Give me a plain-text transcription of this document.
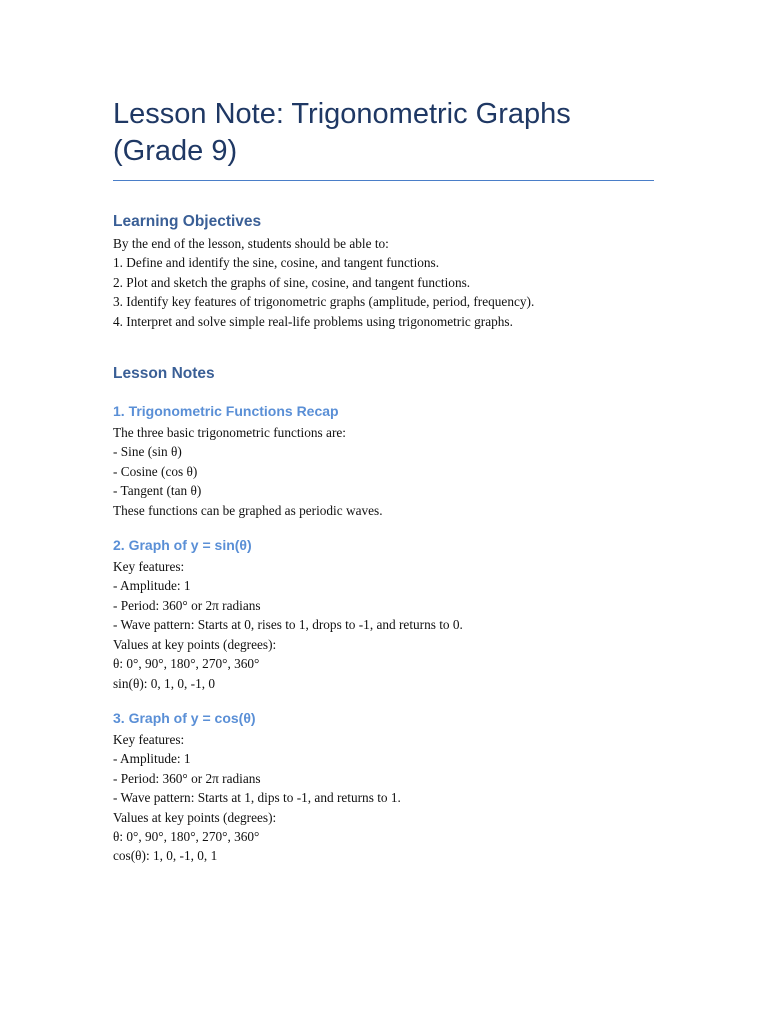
Lesson Note: Trigonometric Graphs (Grade 9)
Learning Objectives
By the end of the lesson, students should be able to:
1. Define and identify the sine, cosine, and tangent functions.
2. Plot and sketch the graphs of sine, cosine, and tangent functions.
3. Identify key features of trigonometric graphs (amplitude, period, frequency).
4. Interpret and solve simple real-life problems using trigonometric graphs.
Lesson Notes
1. Trigonometric Functions Recap
The three basic trigonometric functions are:
- Sine (sin θ)
- Cosine (cos θ)
- Tangent (tan θ)
These functions can be graphed as periodic waves.
2. Graph of y = sin(θ)
Key features:
- Amplitude: 1
- Period: 360° or 2π radians
- Wave pattern: Starts at 0, rises to 1, drops to -1, and returns to 0.
Values at key points (degrees):
θ: 0°, 90°, 180°, 270°, 360°
sin(θ): 0, 1, 0, -1, 0
3. Graph of y = cos(θ)
Key features:
- Amplitude: 1
- Period: 360° or 2π radians
- Wave pattern: Starts at 1, dips to -1, and returns to 1.
Values at key points (degrees):
θ: 0°, 90°, 180°, 270°, 360°
cos(θ): 1, 0, -1, 0, 1
